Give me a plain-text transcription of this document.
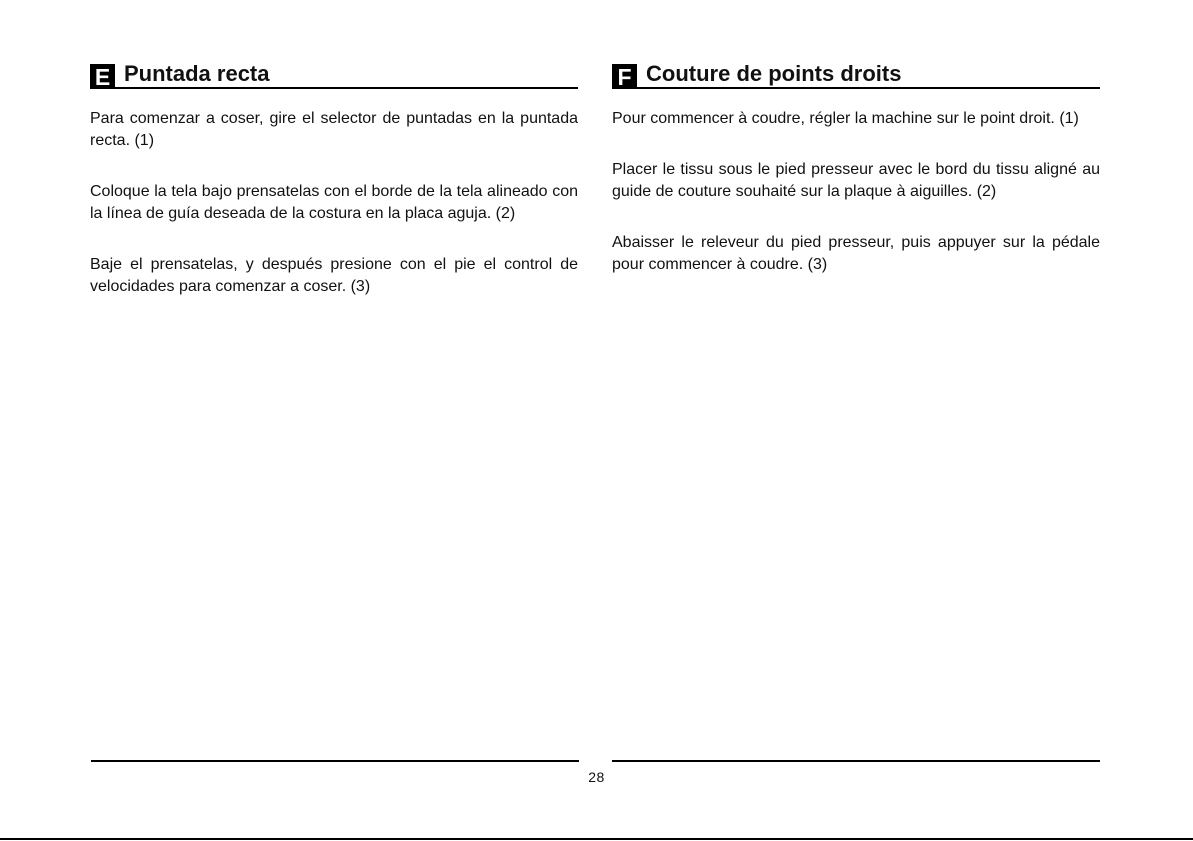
E Puntada recta

Para comenzar a coser, gire el selector de puntadas en la puntada recta. (1)

Coloque la tela bajo prensatelas con el borde de la tela alineado con la línea de guía deseada de la costura en la placa aguja. (2)

Baje el prensatelas, y después presione con el pie el control de velocidades para comenzar a coser. (3)

F Couture de points droits

Pour commencer à coudre, régler la machine sur le point droit. (1)

Placer le tissu sous le pied presseur avec le bord du tissu aligné au guide de couture souhaité sur la plaque à aiguilles. (2)

Abaisser le releveur du pied presseur, puis appuyer sur la pédale pour commencer à coudre. (3)

28
